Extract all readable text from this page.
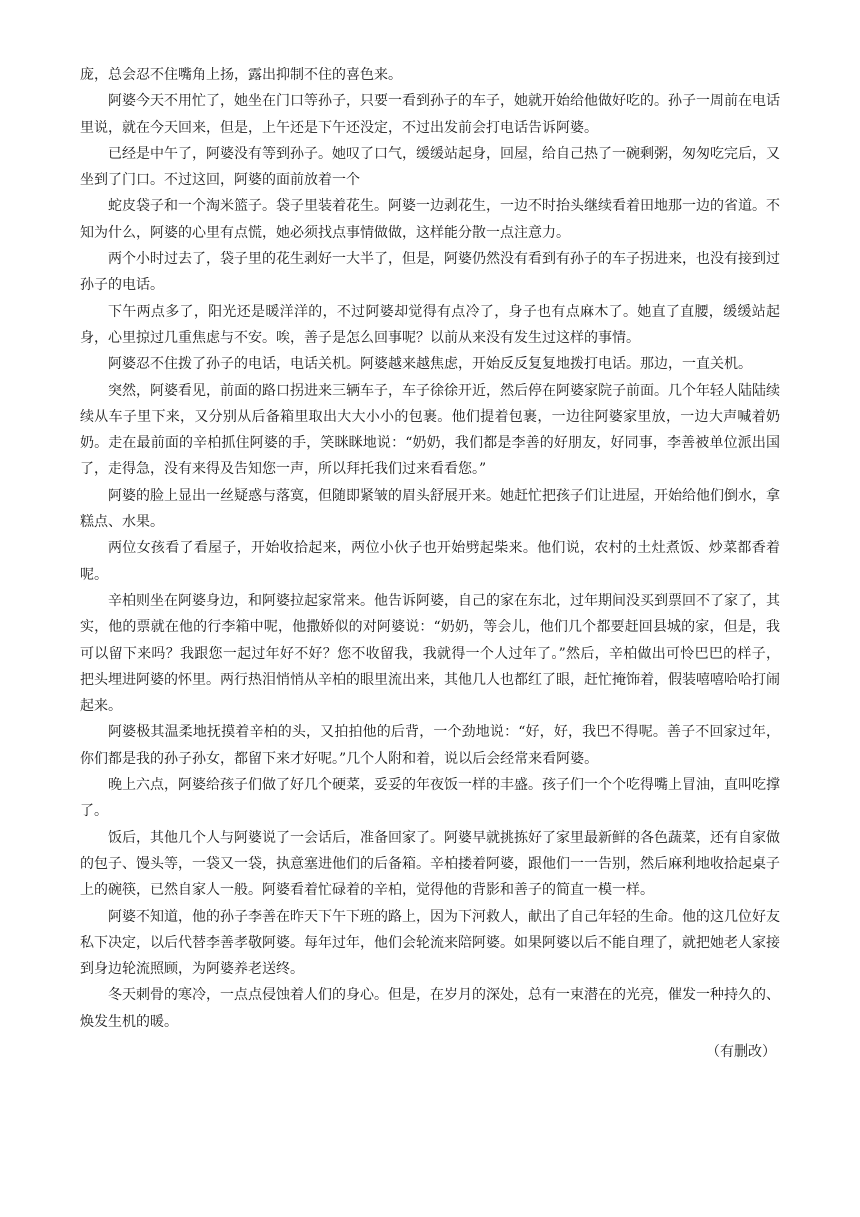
庞，总会忍不住嘴角上扬，露出抑制不住的喜色来。

阿婆今天不用忙了，她坐在门口等孙子，只要一看到孙子的车子，她就开始给他做好吃的。孙子一周前在电话里说，就在今天回来，但是，上午还是下午还没定，不过出发前会打电话告诉阿婆。

已经是中午了，阿婆没有等到孙子。她叹了口气，缓缓站起身，回屋，给自己热了一碗剩粥，匆匆吃完后，又坐到了门口。不过这回，阿婆的面前放着一个

蛇皮袋子和一个淘米篮子。袋子里装着花生。阿婆一边剥花生，一边不时抬头继续看着田地那一边的省道。不知为什么，阿婆的心里有点慌，她必须找点事情做做，这样能分散一点注意力。

两个小时过去了，袋子里的花生剥好一大半了，但是，阿婆仍然没有看到有孙子的车子拐进来，也没有接到过孙子的电话。

下午两点多了，阳光还是暖洋洋的，不过阿婆却觉得有点冷了，身子也有点麻木了。她直了直腰，缓缓站起身，心里掠过几重焦虑与不安。唉，善子是怎么回事呢？以前从来没有发生过这样的事情。

阿婆忍不住拨了孙子的电话，电话关机。阿婆越来越焦虑，开始反反复复地拨打电话。那边，一直关机。

突然，阿婆看见，前面的路口拐进来三辆车子，车子徐徐开近，然后停在阿婆家院子前面。几个年轻人陆陆续续从车子里下来，又分别从后备箱里取出大大小小的包裹。他们提着包裹，一边往阿婆家里放，一边大声喊着奶奶。走在最前面的辛柏抓住阿婆的手，笑眯眯地说：“奶奶，我们都是李善的好朋友，好同事，李善被单位派出国了，走得急，没有来得及告知您一声，所以拜托我们过来看看您。”

阿婆的脸上显出一丝疑惑与落寞，但随即紧皱的眉头舒展开来。她赶忙把孩子们让进屋，开始给他们倒水，拿糕点、水果。

两位女孩看了看屋子，开始收拾起来，两位小伙子也开始劈起柴来。他们说，农村的土灶煮饭、炒菜都香着呢。

辛柏则坐在阿婆身边，和阿婆拉起家常来。他告诉阿婆，自己的家在东北，过年期间没买到票回不了家了，其实，他的票就在他的行李箱中呢，他撒娇似的对阿婆说：“奶奶，等会儿，他们几个都要赶回县城的家，但是，我可以留下来吗？我跟您一起过年好不好？您不收留我，我就得一个人过年了。”然后，辛柏做出可怜巴巴的样子，把头埋进阿婆的怀里。两行热泪悄悄从辛柏的眼里流出来，其他几人也都红了眼，赶忙掩饰着，假装嘻嘻哈哈打闹起来。

阿婆极其温柔地抚摸着辛柏的头，又拍拍他的后背，一个劲地说：“好，好，我巴不得呢。善子不回家过年，你们都是我的孙子孙女，都留下来才好呢。”几个人附和着，说以后会经常来看阿婆。

晚上六点，阿婆给孩子们做了好几个硬菜，妥妥的年夜饭一样的丰盛。孩子们一个个吃得嘴上冒油，直叫吃撑了。

饭后，其他几个人与阿婆说了一会话后，准备回家了。阿婆早就挑拣好了家里最新鲜的各色蔬菜，还有自家做的包子、馒头等，一袋又一袋，执意塞进他们的后备箱。辛柏搂着阿婆，跟他们一一告别，然后麻利地收拾起桌子上的碗筷，已然自家人一般。阿婆看着忙碌着的辛柏，觉得他的背影和善子的简直一模一样。

阿婆不知道，他的孙子李善在昨天下午下班的路上，因为下河救人，献出了自己年轻的生命。他的这几位好友私下决定，以后代替李善孝敬阿婆。每年过年，他们会轮流来陪阿婆。如果阿婆以后不能自理了，就把她老人家接到身边轮流照顾，为阿婆养老送终。

冬天刺骨的寒冷，一点点侵蚀着人们的身心。但是，在岁月的深处，总有一束潜在的光亮，催发一种持久的、焕发生机的暖。

（有删改）
